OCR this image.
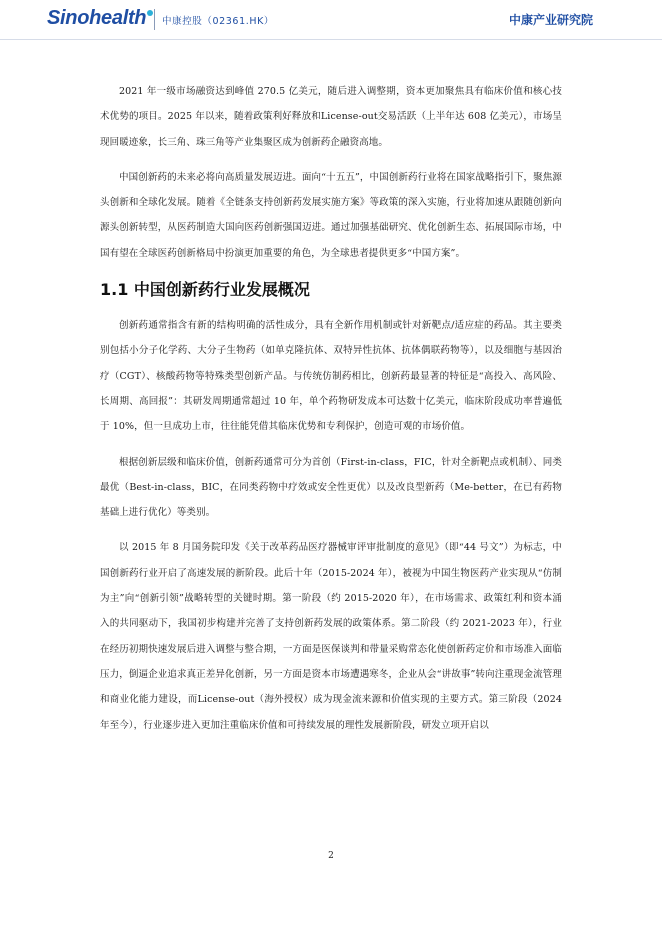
Sinohealth	中康控股（02361.HK）	中康产业研究院

2021 年一级市场融资达到峰值 270.5 亿美元，随后进入调整期，资本更加聚焦具有临床价值和核心技术优势的项目。2025 年以来，随着政策利好释放和License-out交易活跃（上半年达 608 亿美元），市场呈现回暖迹象，长三角、珠三角等产业集聚区成为创新药企融资高地。

中国创新药的未来必将向高质量发展迈进。面向“十五五”，中国创新药行业将在国家战略指引下，聚焦源头创新和全球化发展。随着《全链条支持创新药发展实施方案》等政策的深入实施，行业将加速从跟随创新向源头创新转型，从医药制造大国向医药创新强国迈进。通过加强基础研究、优化创新生态、拓展国际市场，中国有望在全球医药创新格局中扮演更加重要的角色，为全球患者提供更多“中国方案”。

1.1 中国创新药行业发展概况

创新药通常指含有新的结构明确的活性成分，具有全新作用机制或针对新靶点/适应症的药品。其主要类别包括小分子化学药、大分子生物药（如单克隆抗体、双特异性抗体、抗体偶联药物等），以及细胞与基因治疗（CGT）、核酸药物等特殊类型创新产品。与传统仿制药相比，创新药最显著的特征是“高投入、高风险、长周期、高回报”：其研发周期通常超过 10 年，单个药物研发成本可达数十亿美元，临床阶段成功率普遍低于 10%，但一旦成功上市，往往能凭借其临床优势和专利保护，创造可观的市场价值。

根据创新层级和临床价值，创新药通常可分为首创（First-in-class，FIC，针对全新靶点或机制）、同类最优（Best-in-class，BIC，在同类药物中疗效或安全性更优）以及改良型新药（Me-better，在已有药物基础上进行优化）等类别。

以 2015 年 8 月国务院印发《关于改革药品医疗器械审评审批制度的意见》（即“44 号文”）为标志，中国创新药行业开启了高速发展的新阶段。此后十年（2015-2024 年），被视为中国生物医药产业实现从“仿制为主”向“创新引领”战略转型的关键时期。第一阶段（约 2015-2020 年），在市场需求、政策红利和资本涌入的共同驱动下，我国初步构建并完善了支持创新药发展的政策体系。第二阶段（约 2021-2023 年），行业在经历初期快速发展后进入调整与整合期，一方面是医保谈判和带量采购常态化使创新药定价和市场准入面临压力，倒逼企业追求真正差异化创新，另一方面是资本市场遭遇寒冬，企业从会“讲故事”转向注重现金流管理和商业化能力建设，而License-out（海外授权）成为现金流来源和价值实现的主要方式。第三阶段（2024 年至今），行业逐步进入更加注重临床价值和可持续发展的理性发展新阶段，研发立项开启以

2
